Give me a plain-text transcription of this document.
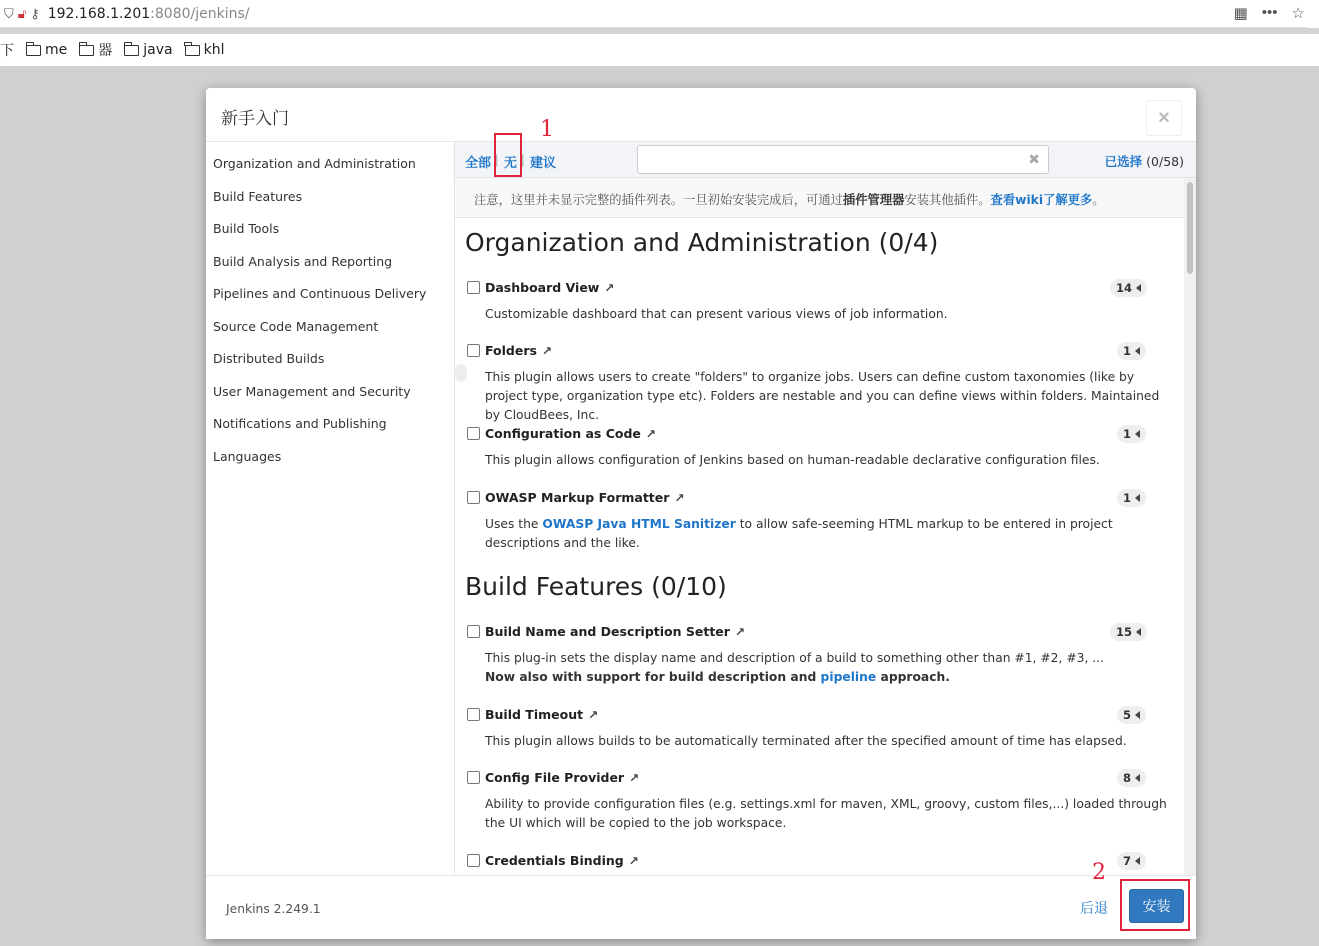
⛉ 🔓︎ ⚷ 192.168.1.201:8080/jenkins/	▦ ••• ☆
下 me 器 java khl
新手入门	×
Organization and Administration
Build Features
Build Tools
Build Analysis and Reporting
Pipelines and Continuous Delivery
Source Code Management
Distributed Builds
User Management and Security
Notifications and Publishing
Languages
全部 | 无 | 建议	✖	已选择 (0/58)
注意，这里并未显示完整的插件列表。一旦初始安装完成后，可通过插件管理器安装其他插件。查看wiki了解更多。
Organization and Administration (0/4)
Dashboard View ↗	14
Customizable dashboard that can present various views of job information.
Folders ↗	1
This plugin allows users to create "folders" to organize jobs. Users can define custom taxonomies (like by project type, organization type etc). Folders are nestable and you can define views within folders. Maintained by CloudBees, Inc.
Configuration as Code ↗	1
This plugin allows configuration of Jenkins based on human-readable declarative configuration files.
OWASP Markup Formatter ↗	1
Uses the OWASP Java HTML Sanitizer to allow safe-seeming HTML markup to be entered in project descriptions and the like.
Build Features (0/10)
Build Name and Description Setter ↗	15
This plug-in sets the display name and description of a build to something other than #1, #2, #3, ...
Now also with support for build description and pipeline approach.
Build Timeout ↗	5
This plugin allows builds to be automatically terminated after the specified amount of time has elapsed.
Config File Provider ↗	8
Ability to provide configuration files (e.g. settings.xml for maven, XML, groovy, custom files,...) loaded through the UI which will be copied to the job workspace.
Credentials Binding ↗	7
Jenkins 2.249.1	后退	安装
1
2
